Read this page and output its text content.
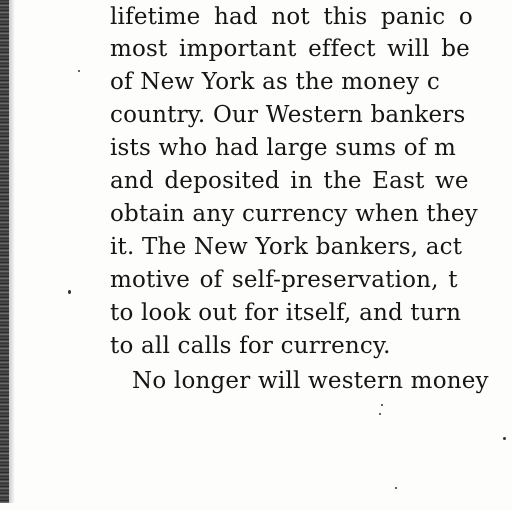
lifetime had not this panic o
most important effect will be
of New York as the money c
country. Our Western bankers
ists who had large sums of m
and deposited in the East we
obtain any currency when they
it. The New York bankers, act
motive of self-preservation, t
to look out for itself, and turn
to all calls for currency.
No longer will western money
